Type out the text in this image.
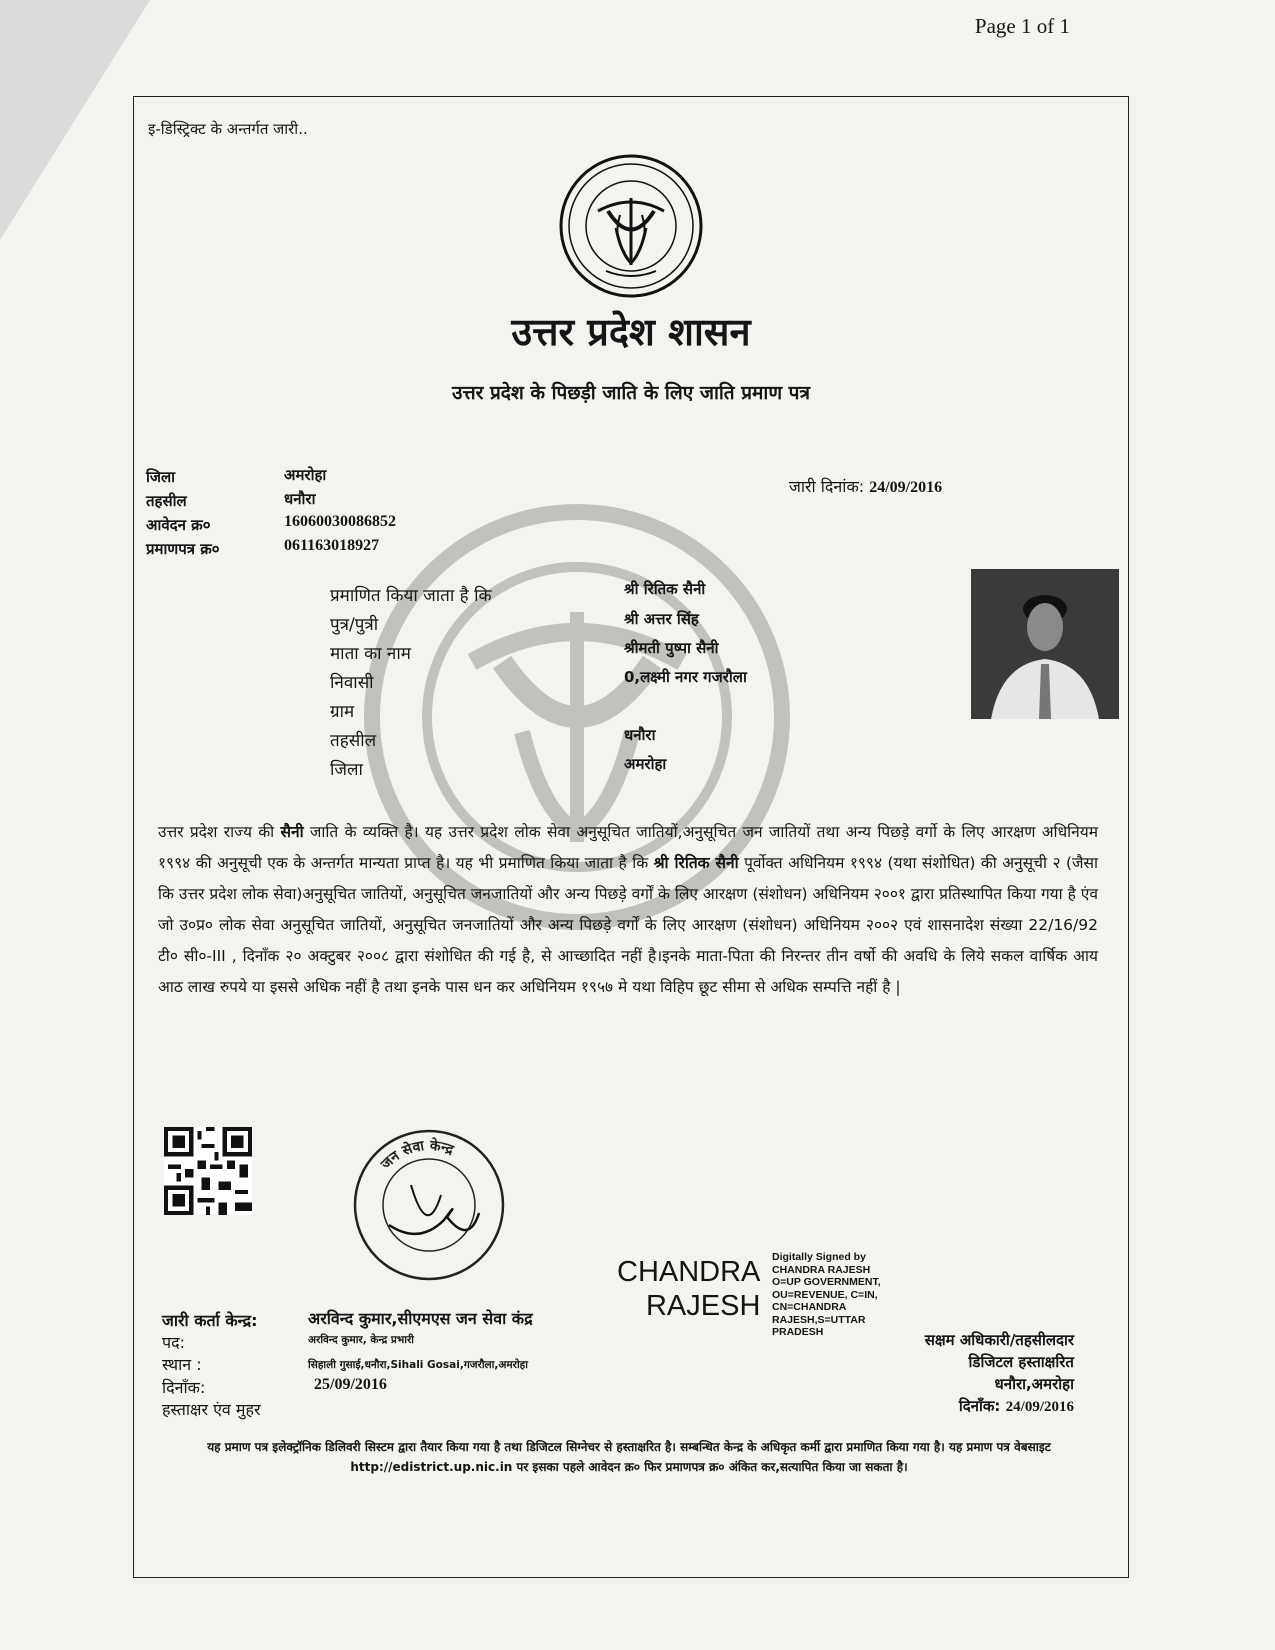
Page 1 of 1
इ-डिस्ट्रिक्ट के अन्तर्गत जारी..
उत्तर प्रदेश शासन
उत्तर प्रदेश के पिछड़ी जाति के लिए जाति प्रमाण पत्र
जिला	अमरोहा
तहसील	धनौरा
आवेदन क्र०	16060030086852
प्रमाणपत्र क्र०	061163018927
जारी दिनांक: 24/09/2016
प्रमाणित किया जाता है कि	श्री रितिक सैनी
पुत्र/पुत्री	श्री अत्तर सिंह
माता का नाम	श्रीमती पुष्पा सैनी
निवासी	0,लक्ष्मी नगर गजरौला
ग्राम
तहसील	धनौरा
जिला	अमरोहा
उत्तर प्रदेश राज्य की सैनी जाति के व्यक्ति है। यह उत्तर प्रदेश लोक सेवा अनुसूचित जातियों,अनुसूचित जन जातियों तथा अन्य पिछड़े वर्गो के लिए आरक्षण अधिनियम १९९४ की अनुसूची एक के अन्तर्गत मान्यता प्राप्त है। यह भी प्रमाणित किया जाता है कि श्री रितिक सैनी पूर्वोक्त अधिनियम १९९४ (यथा संशोधित) की अनुसूची २ (जैसा कि उत्तर प्रदेश लोक सेवा)अनुसूचित जातियों, अनुसूचित जनजातियों और अन्य पिछड़े वर्गों के लिए आरक्षण (संशोधन) अधिनियम २००१ द्वारा प्रतिस्थापित किया गया है एंव जो उ०प्र० लोक सेवा अनुसूचित जातियों, अनुसूचित जनजातियों और अन्य पिछड़े वर्गों के लिए आरक्षण (संशोधन) अधिनियम २००२ एवं शासनादेश संख्या 22/16/92 टी० सी०-III , दिनाँक २० अक्टुबर २००८ द्वारा संशोधित की गई है, से आच्छादित नहीं है।इनके माता-पिता की निरन्तर तीन वर्षो की अवधि के लिये सकल वार्षिक आय आठ लाख रुपये या इससे अधिक नहीं है तथा इनके पास धन कर अधिनियम १९५७ मे यथा विहिप छूट सीमा से अधिक सम्पत्ति नहीं है |
जन सेवा केन्द्र
CHANDRA
RAJESH
Digitally Signed by CHANDRA RAJESH O=UP GOVERNMENT, OU=REVENUE, C=IN, CN=CHANDRA RAJESH,S=UTTAR PRADESH
जारी कर्ता केन्द्र:	अरविन्द कुमार,सीएमएस जन सेवा कंद्र
पद:	अरविन्द कुमार, केन्द्र प्रभारी
स्थान :	सिहाली गुसाई,धनौरा,Sihali Gosai,गजरौला,अमरोहा
दिनाँक:	25/09/2016
हस्ताक्षर एंव मुहर
सक्षम अधिकारी/तहसीलदार
डिजिटल हस्ताक्षरित
धनौरा,अमरोहा
दिनाँक: 24/09/2016
यह प्रमाण पत्र इलेक्ट्रॉनिक डिलिवरी सिस्टम द्वारा तैयार किया गया है तथा डिजिटल सिग्नेचर से हस्ताक्षरित है। सम्बन्धित केन्द्र के अधिकृत कर्मी द्वारा प्रमाणित किया गया है। यह प्रमाण पत्र वेबसाइट http://edistrict.up.nic.in पर इसका पहले आवेदन क्र० फिर प्रमाणपत्र क्र० अंकित कर,सत्यापित किया जा सकता है।
